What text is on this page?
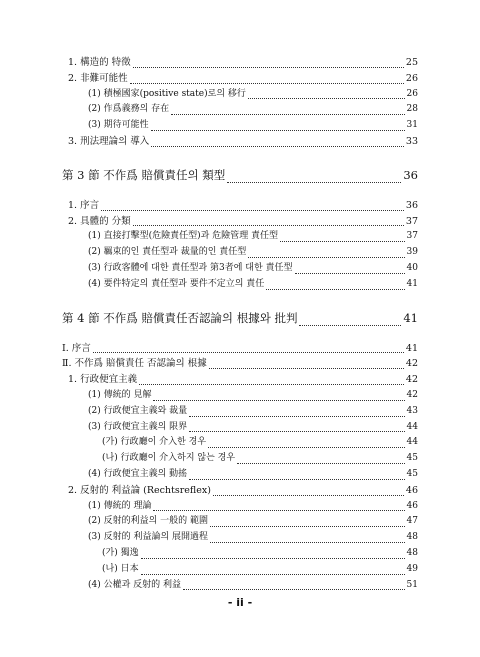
1. 構造的 特徵	25
2. 非難可能性	26
(1) 積極國家(positive state)로의 移行	26
(2) 作爲義務의 存在	28
(3) 期待可能性	31
3. 刑法理論의 導入	33
第 3 節 不作爲 賠償責任의 類型	36
1. 序言	36
2. 具體的 分類	37
(1) 直接打擊型(危險責任型)과 危險管理 責任型	37
(2) 羈束的인 責任型과 裁量的인 責任型	39
(3) 行政客體에 대한 責任型과 第3者에 대한 責任型	40
(4) 要件特定의 責任型과 要件不定立의 責任	41
第 4 節 不作爲 賠償責任否認論의 根據와 批判	41
Ⅰ. 序言	41
Ⅱ. 不作爲 賠償責任 否認論의 根據	42
1. 行政便宜主義	42
(1) 傳統的 見解	42
(2) 行政便宜主義와 裁量	43
(3) 行政便宜主義의 限界	44
(가) 行政廳이 介入한 경우	44
(나) 行政廳이 介入하지 않는 경우	45
(4) 行政便宜主義의 動搖	45
2. 反射的 利益論 (Rechtsreflex)	46
(1) 傳統的 理論	46
(2) 反射的利益의 一般的 範圍	47
(3) 反射的 利益論의 展開過程	48
(가) 獨逸	48
(나) 日本	49
(4) 公權과 反射的 利益	51
- ii -
